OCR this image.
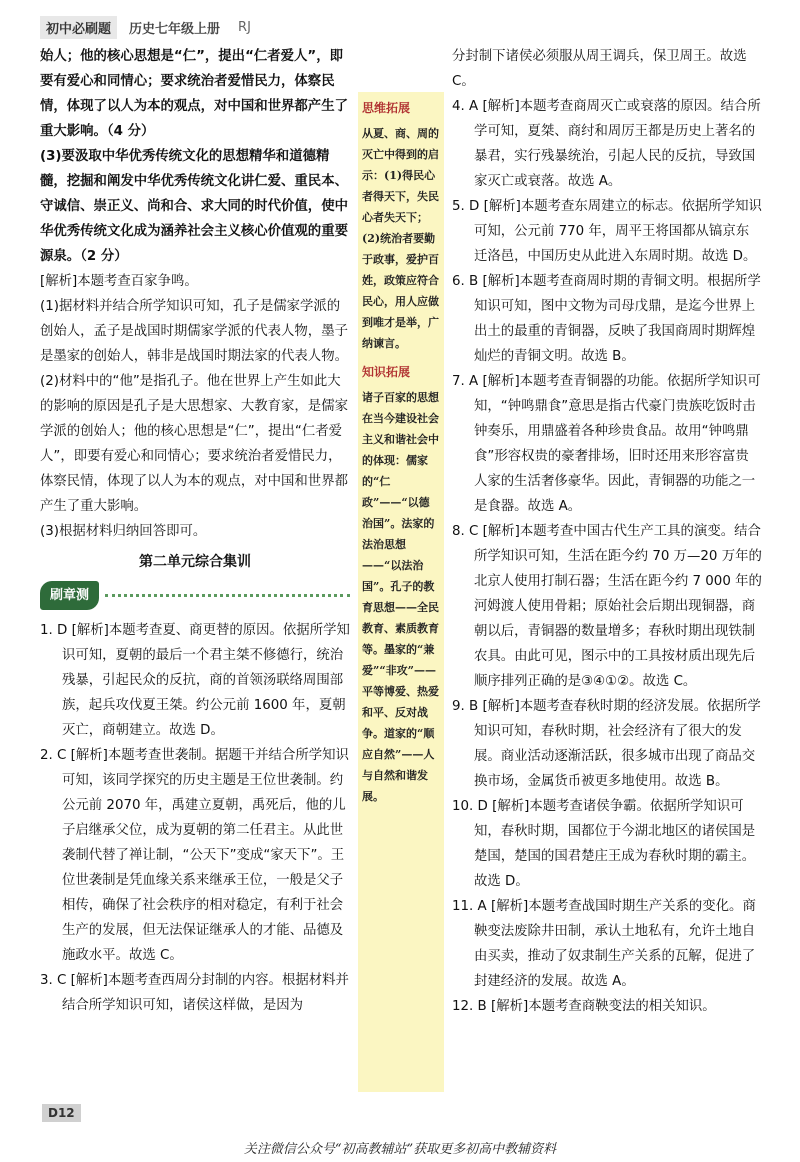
初中必刷题	历史七年级上册	RJ

始人；他的核心思想是“仁”，提出“仁者爱人”，即要有爱心和同情心；要求统治者爱惜民力，体察民情，体现了以人为本的观点，对中国和世界都产生了重大影响。（4 分）

(3)要汲取中华优秀传统文化的思想精华和道德精髓，挖掘和阐发中华优秀传统文化讲仁爱、重民本、守诚信、崇正义、尚和合、求大同的时代价值，使中华优秀传统文化成为涵养社会主义核心价值观的重要源泉。（2 分）

[解析]本题考查百家争鸣。

(1)据材料并结合所学知识可知，孔子是儒家学派的创始人，孟子是战国时期儒家学派的代表人物，墨子是墨家的创始人，韩非是战国时期法家的代表人物。

(2)材料中的“他”是指孔子。他在世界上产生如此大的影响的原因是孔子是大思想家、大教育家，是儒家学派的创始人；他的核心思想是“仁”，提出“仁者爱人”，即要有爱心和同情心；要求统治者爱惜民力，体察民情，体现了以人为本的观点，对中国和世界都产生了重大影响。

(3)根据材料归纳回答即可。

第二单元综合集训
刷章测

1. D [解析]本题考查夏、商更替的原因。依据所学知识可知，夏朝的最后一个君主桀不修德行，统治残暴，引起民众的反抗，商的首领汤联络周围部族，起兵攻伐夏王桀。约公元前 1600 年，夏朝灭亡，商朝建立。故选 D。

2. C [解析]本题考查世袭制。据题干并结合所学知识可知，该同学探究的历史主题是王位世袭制。约公元前 2070 年，禹建立夏朝，禹死后，他的儿子启继承父位，成为夏朝的第二任君主。从此世袭制代替了禅让制，“公天下”变成“家天下”。王位世袭制是凭血缘关系来继承王位，一般是父子相传，确保了社会秩序的相对稳定，有利于社会生产的发展，但无法保证继承人的才能、品德及施政水平。故选 C。

3. C [解析]本题考查西周分封制的内容。根据材料并结合所学知识可知，诸侯这样做，是因为

思维拓展
从夏、商、周的灭亡中得到的启示：(1)得民心者得天下，失民心者失天下；(2)统治者要勤于政事，爱护百姓，政策应符合民心，用人应做到唯才是举，广纳谏言。
知识拓展
诸子百家的思想在当今建设社会主义和谐社会中的体现：儒家的“仁政”——“以德治国”。法家的法治思想——“以法治国”。孔子的教育思想——全民教育、素质教育等。墨家的“兼爱”“非攻”——平等博爱、热爱和平、反对战争。道家的“顺应自然”——人与自然和谐发展。

分封制下诸侯必须服从周王调兵，保卫周王。故选 C。

4. A [解析]本题考查商周灭亡或衰落的原因。结合所学可知，夏桀、商纣和周厉王都是历史上著名的暴君，实行残暴统治，引起人民的反抗，导致国家灭亡或衰落。故选 A。

5. D [解析]本题考查东周建立的标志。依据所学知识可知，公元前 770 年，周平王将国都从镐京东迁洛邑，中国历史从此进入东周时期。故选 D。

6. B [解析]本题考查商周时期的青铜文明。根据所学知识可知，图中文物为司母戊鼎，是迄今世界上出土的最重的青铜器，反映了我国商周时期辉煌灿烂的青铜文明。故选 B。

7. A [解析]本题考查青铜器的功能。依据所学知识可知，“钟鸣鼎食”意思是指古代豪门贵族吃饭时击钟奏乐，用鼎盛着各种珍贵食品。故用“钟鸣鼎食”形容权贵的豪奢排场，旧时还用来形容富贵人家的生活奢侈豪华。因此，青铜器的功能之一是食器。故选 A。

8. C [解析]本题考查中国古代生产工具的演变。结合所学知识可知，生活在距今约 70 万—20 万年的北京人使用打制石器；生活在距今约 7 000 年的河姆渡人使用骨耜；原始社会后期出现铜器，商朝以后，青铜器的数量增多；春秋时期出现铁制农具。由此可见，图示中的工具按材质出现先后顺序排列正确的是③④①②。故选 C。

9. B [解析]本题考查春秋时期的经济发展。依据所学知识可知，春秋时期，社会经济有了很大的发展。商业活动逐渐活跃，很多城市出现了商品交换市场，金属货币被更多地使用。故选 B。

10. D [解析]本题考查诸侯争霸。依据所学知识可知，春秋时期，国都位于今湖北地区的诸侯国是楚国，楚国的国君楚庄王成为春秋时期的霸主。故选 D。

11. A [解析]本题考查战国时期生产关系的变化。商鞅变法废除井田制，承认土地私有，允许土地自由买卖，推动了奴隶制生产关系的瓦解，促进了封建经济的发展。故选 A。

12. B [解析]本题考查商鞅变法的相关知识。

D12
关注微信公众号“初高教辅站”获取更多初高中教辅资料
